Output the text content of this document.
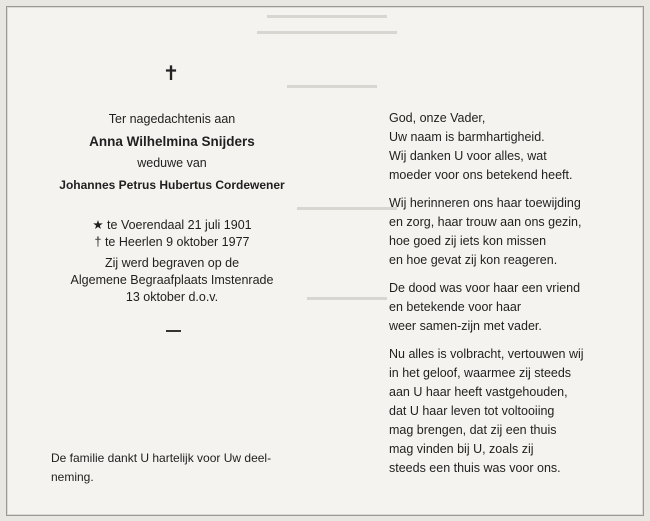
✝
Ter nagedachtenis aan
Anna Wilhelmina Snijders
weduwe van
Johannes Petrus Hubertus Cordewener
★ te Voerendaal 21 juli 1901
† te Heerlen 9 oktober 1977
Zij werd begraven op de
Algemene Begraafplaats Imstenrade
13 oktober d.o.v.
De familie dankt U hartelijk voor Uw deel-
neming.
God, onze Vader,
Uw naam is barmhartigheid.
Wij danken U voor alles, wat
moeder voor ons betekend heeft.
Wij herinneren ons haar toewijding
en zorg, haar trouw aan ons gezin,
hoe goed zij iets kon missen
en hoe gevat zij kon reageren.
De dood was voor haar een vriend
en betekende voor haar
weer samen-zijn met vader.
Nu alles is volbracht, vertouwen wij
in het geloof, waarmee zij steeds
aan U haar heeft vastgehouden,
dat U haar leven tot voltooiing
mag brengen, dat zij een thuis
mag vinden bij U, zoals zij
steeds een thuis was voor ons.
